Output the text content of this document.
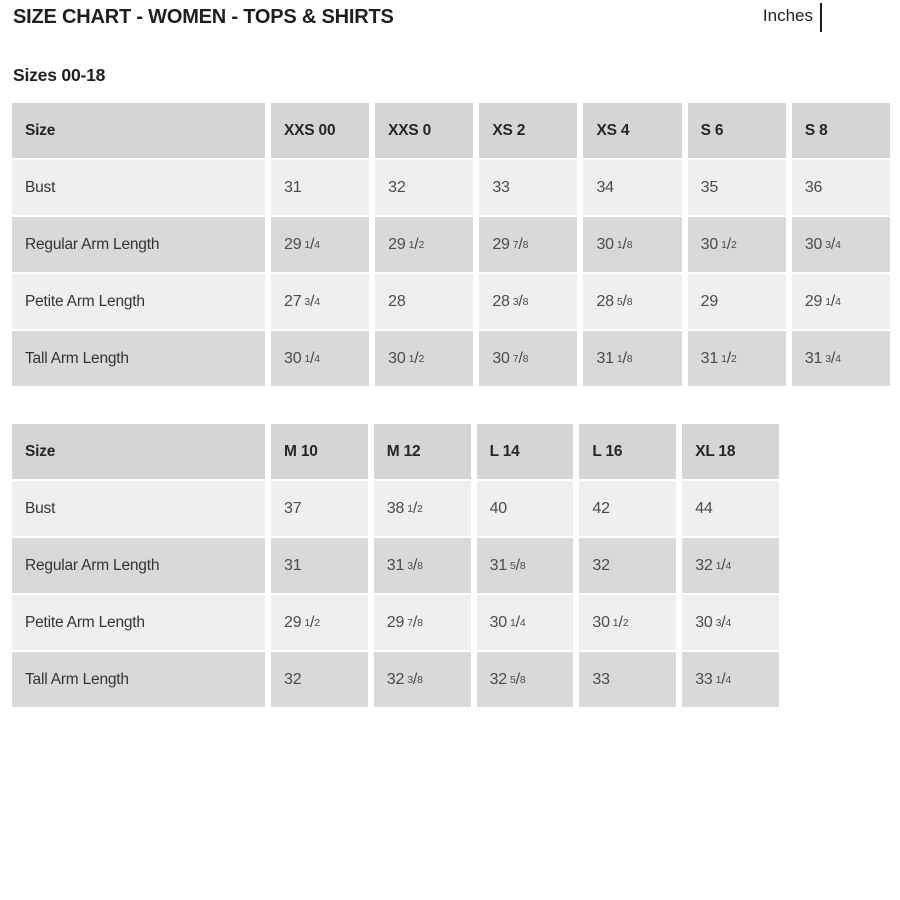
SIZE CHART - WOMEN - TOPS & SHIRTS	Inches
Sizes 00-18
Size	XXS 00	XXS 0	XS 2	XS 4	S 6	S 8
Bust	31	32	33	34	35	36
Regular Arm Length	29 1 / 4	29 1 / 2	29 7 / 8	30 1 / 8	30 1 / 2	30 3 / 4
Petite Arm Length	27 3 / 4	28	28 3 / 8	28 5 / 8	29	29 1 / 4
Tall Arm Length	30 1 / 4	30 1 / 2	30 7 / 8	31 1 / 8	31 1 / 2	31 3 / 4
Size	M 10	M 12	L 14	L 16	XL 18
Bust	37	38 1 / 2	40	42	44
Regular Arm Length	31	31 3 / 8	31 5 / 8	32	32 1 / 4
Petite Arm Length	29 1 / 2	29 7 / 8	30 1 / 4	30 1 / 2	30 3 / 4
Tall Arm Length	32	32 3 / 8	32 5 / 8	33	33 1 / 4
